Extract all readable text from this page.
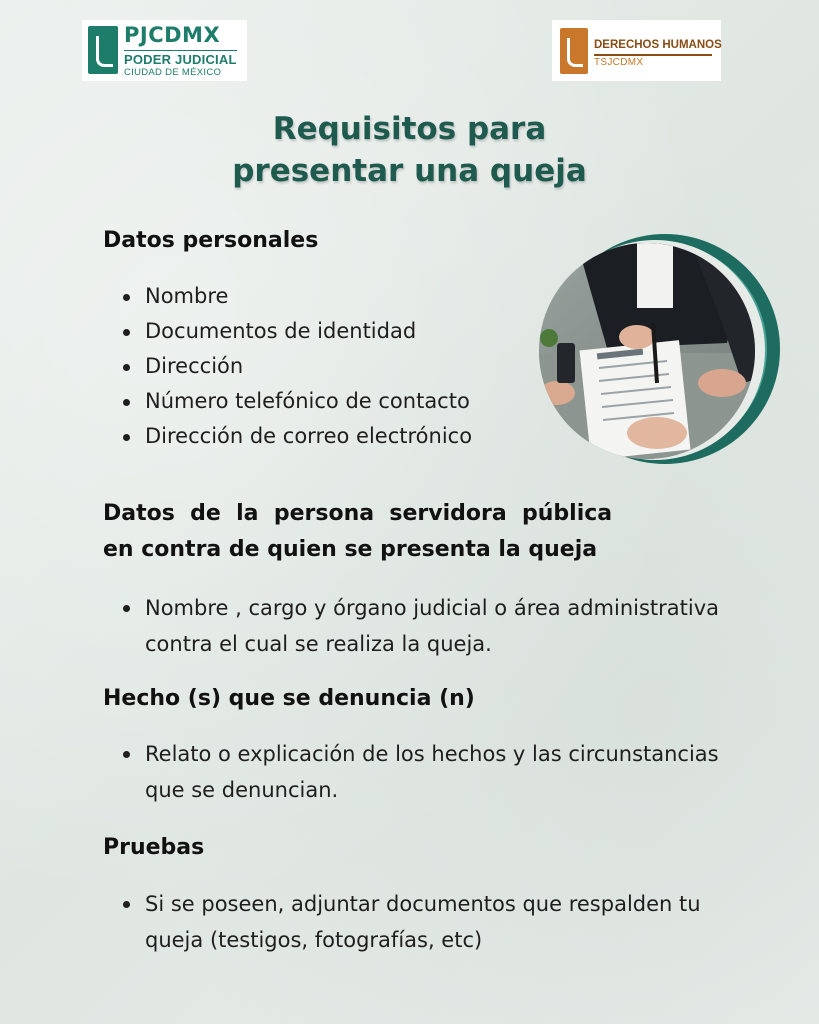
PJCDMX
PODER JUDICIAL
CIUDAD DE MÉXICO
DERECHOS HUMANOS
TSJCDMX
Requisitos para
presentar una queja
Datos personales
Nombre
Documentos de identidad
Dirección
Número telefónico de contacto
Dirección de correo electrónico
Datos  de  la  persona  servidora  pública
en contra de quien se presenta la queja
Nombre , cargo y órgano judicial o área administrativa contra el cual se realiza la queja.
Hecho (s) que se denuncia (n)
Relato o explicación de los hechos y las circunstancias que se denuncian.
Pruebas
Si se poseen, adjuntar documentos que respalden tu queja (testigos, fotografías, etc)
